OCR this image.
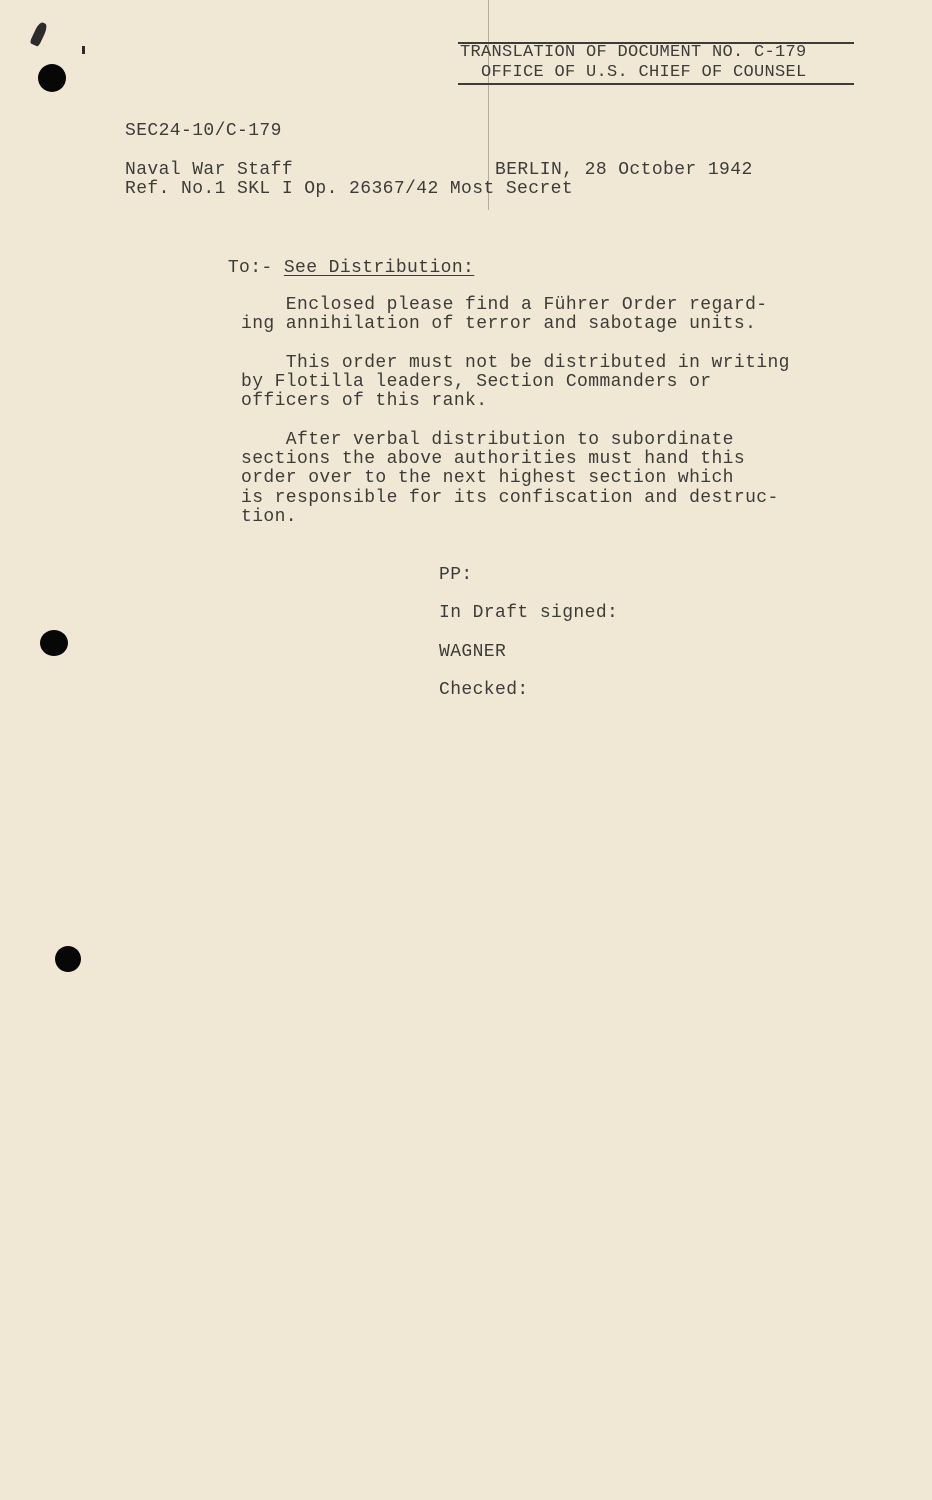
TRANSLATION OF DOCUMENT NO. C-179
OFFICE OF U.S. CHIEF OF COUNSEL
SEC24-10/C-179
Naval War Staff	BERLIN, 28 October 1942
Ref. No.1 SKL I Op. 26367/42 Most Secret

To:- See Distribution:

Enclosed please find a Führer Order regard-
ing annihilation of terror and sabotage units.
This order must not be distributed in writing
by Flotilla leaders, Section Commanders or
officers of this rank.
After verbal distribution to subordinate
sections the above authorities must hand this
order over to the next highest section which
is responsible for its confiscation and destruc-
tion.
PP:
In Draft signed:
WAGNER
Checked:
